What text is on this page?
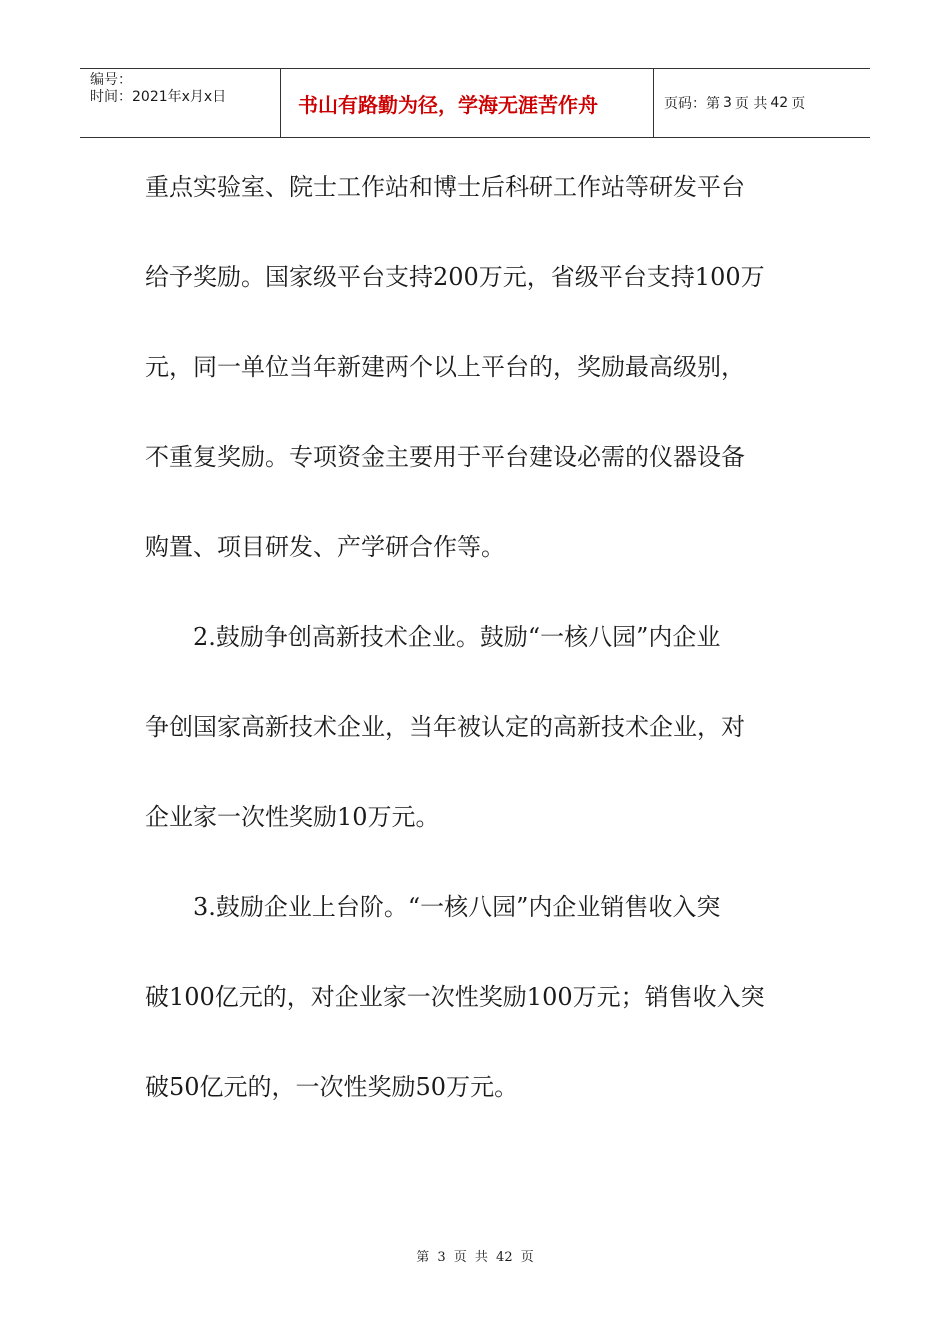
编号：
时间：2021年x月x日	书山有路勤为径，学海无涯苦作舟	页码：第 3 页 共 42 页
重点实验室、院士工作站和博士后科研工作站等研发平台
给予奖励。国家级平台支持200万元，省级平台支持100万
元，同一单位当年新建两个以上平台的，奖励最高级别，
不重复奖励。专项资金主要用于平台建设必需的仪器设备
购置、项目研发、产学研合作等。
2.鼓励争创高新技术企业。鼓励“一核八园”内企业
争创国家高新技术企业，当年被认定的高新技术企业，对
企业家一次性奖励10万元。
3.鼓励企业上台阶。“一核八园”内企业销售收入突
破100亿元的，对企业家一次性奖励100万元；销售收入突
破50亿元的，一次性奖励50万元。
第 3 页 共 42 页
